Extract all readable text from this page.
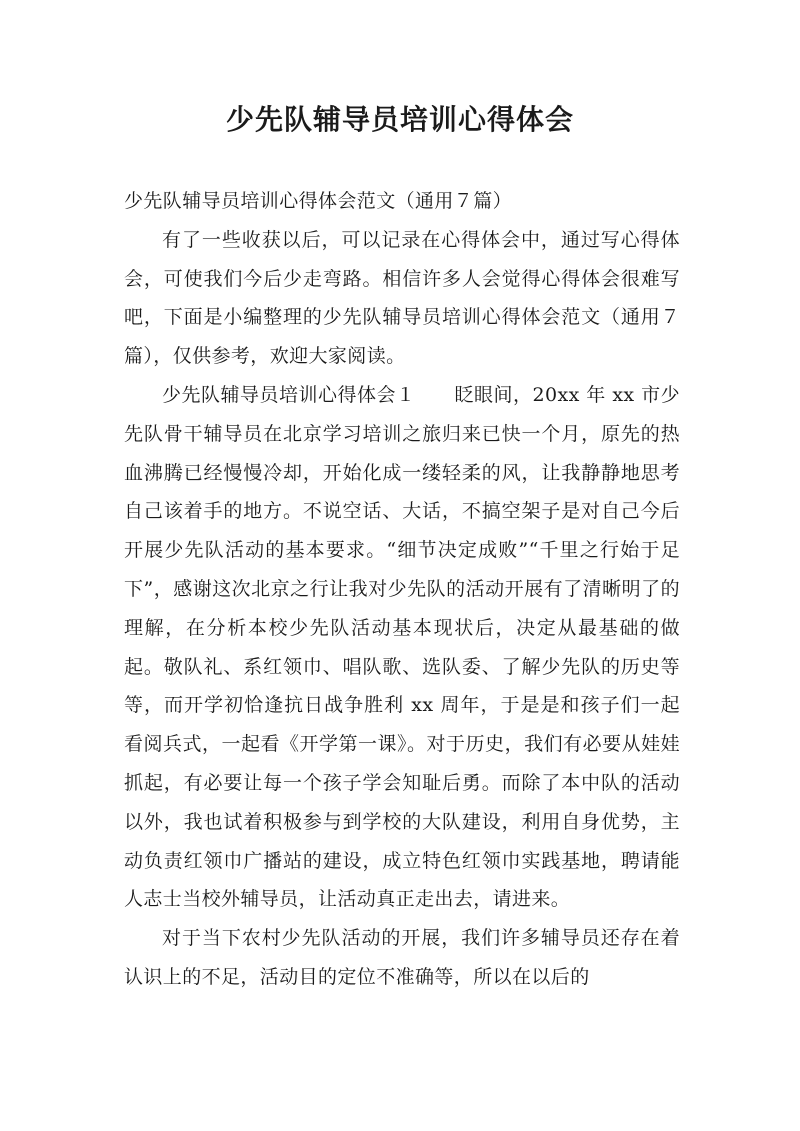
少先队辅导员培训心得体会

少先队辅导员培训心得体会范文（通用７篇）

有了一些收获以后，可以记录在心得体会中，通过写心得体会，可使我们今后少走弯路。相信许多人会觉得心得体会很难写吧，下面是小编整理的少先队辅导员培训心得体会范文（通用７篇），仅供参考，欢迎大家阅读。

少先队辅导员培训心得体会１　　眨眼间，20xx 年 xx 市少先队骨干辅导员在北京学习培训之旅归来已快一个月，原先的热血沸腾已经慢慢冷却，开始化成一缕轻柔的风，让我静静地思考自己该着手的地方。不说空话、大话，不搞空架子是对自己今后开展少先队活动的基本要求。“细节决定成败”“千里之行始于足下”，感谢这次北京之行让我对少先队的活动开展有了清晰明了的理解，在分析本校少先队活动基本现状后，决定从最基础的做起。敬队礼、系红领巾、唱队歌、选队委、了解少先队的历史等等，而开学初恰逢抗日战争胜利 xx 周年，于是是和孩子们一起看阅兵式，一起看《开学第一课》。对于历史，我们有必要从娃娃抓起，有必要让每一个孩子学会知耻后勇。而除了本中队的活动以外，我也试着积极参与到学校的大队建设，利用自身优势，主动负责红领巾广播站的建设，成立特色红领巾实践基地，聘请能人志士当校外辅导员，让活动真正走出去，请进来。

对于当下农村少先队活动的开展，我们许多辅导员还存在着认识上的不足，活动目的定位不准确等，所以在以后的
